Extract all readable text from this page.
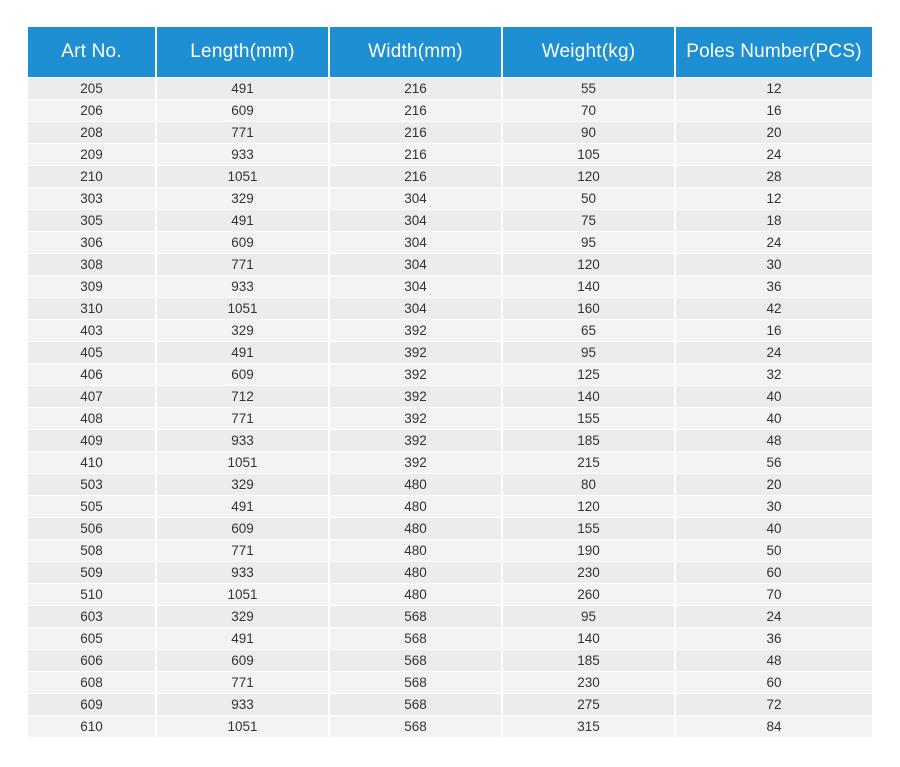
Art No.	Length(mm)	Width(mm)	Weight(kg)	Poles Number(PCS)
205	491	216	55	12
206	609	216	70	16
208	771	216	90	20
209	933	216	105	24
210	1051	216	120	28
303	329	304	50	12
305	491	304	75	18
306	609	304	95	24
308	771	304	120	30
309	933	304	140	36
310	1051	304	160	42
403	329	392	65	16
405	491	392	95	24
406	609	392	125	32
407	712	392	140	40
408	771	392	155	40
409	933	392	185	48
410	1051	392	215	56
503	329	480	80	20
505	491	480	120	30
506	609	480	155	40
508	771	480	190	50
509	933	480	230	60
510	1051	480	260	70
603	329	568	95	24
605	491	568	140	36
606	609	568	185	48
608	771	568	230	60
609	933	568	275	72
610	1051	568	315	84
